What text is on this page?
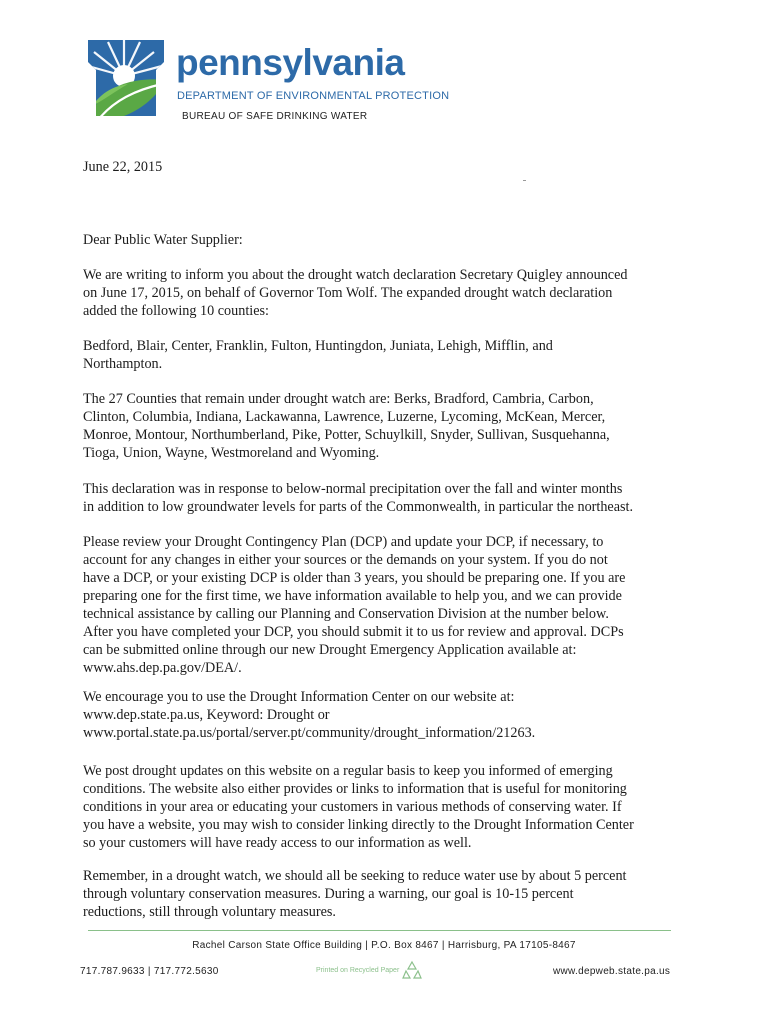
pennsylvania
DEPARTMENT OF ENVIRONMENTAL PROTECTION
BUREAU OF SAFE DRINKING WATER
June 22, 2015
Dear Public Water Supplier:

We are writing to inform you about the drought watch declaration Secretary Quigley announced

on June 17, 2015, on behalf of Governor Tom Wolf. The expanded drought watch declaration

added the following 10 counties:

Bedford, Blair, Center, Franklin, Fulton, Huntingdon, Juniata, Lehigh, Mifflin, and

Northampton.

The 27 Counties that remain under drought watch are: Berks, Bradford, Cambria, Carbon,

Clinton, Columbia, Indiana, Lackawanna, Lawrence, Luzerne, Lycoming, McKean, Mercer,

Monroe, Montour, Northumberland, Pike, Potter, Schuylkill, Snyder, Sullivan, Susquehanna,

Tioga, Union, Wayne, Westmoreland and Wyoming.

This declaration was in response to below-normal precipitation over the fall and winter months

in addition to low groundwater levels for parts of the Commonwealth, in particular the northeast.

Please review your Drought Contingency Plan (DCP) and update your DCP, if necessary, to

account for any changes in either your sources or the demands on your system. If you do not

have a DCP, or your existing DCP is older than 3 years, you should be preparing one. If you are

preparing one for the first time, we have information available to help you, and we can provide

technical assistance by calling our Planning and Conservation Division at the number below.

After you have completed your DCP, you should submit it to us for review and approval. DCPs

can be submitted online through our new Drought Emergency Application available at:

www.ahs.dep.pa.gov/DEA/.

We encourage you to use the Drought Information Center on our website at:

www.dep.state.pa.us, Keyword: Drought or

www.portal.state.pa.us/portal/server.pt/community/drought_information/21263.

We post drought updates on this website on a regular basis to keep you informed of emerging

conditions. The website also either provides or links to information that is useful for monitoring

conditions in your area or educating your customers in various methods of conserving water. If

you have a website, you may wish to consider linking directly to the Drought Information Center

so your customers will have ready access to our information as well.

Remember, in a drought watch, we should all be seeking to reduce water use by about 5 percent

through voluntary conservation measures. During a warning, our goal is 10-15 percent

reductions, still through voluntary measures.

Rachel Carson State Office Building | P.O. Box 8467 | Harrisburg, PA 17105-8467
717.787.9633 | 717.772.5630	Printed on Recycled Paper	www.depweb.state.pa.us
